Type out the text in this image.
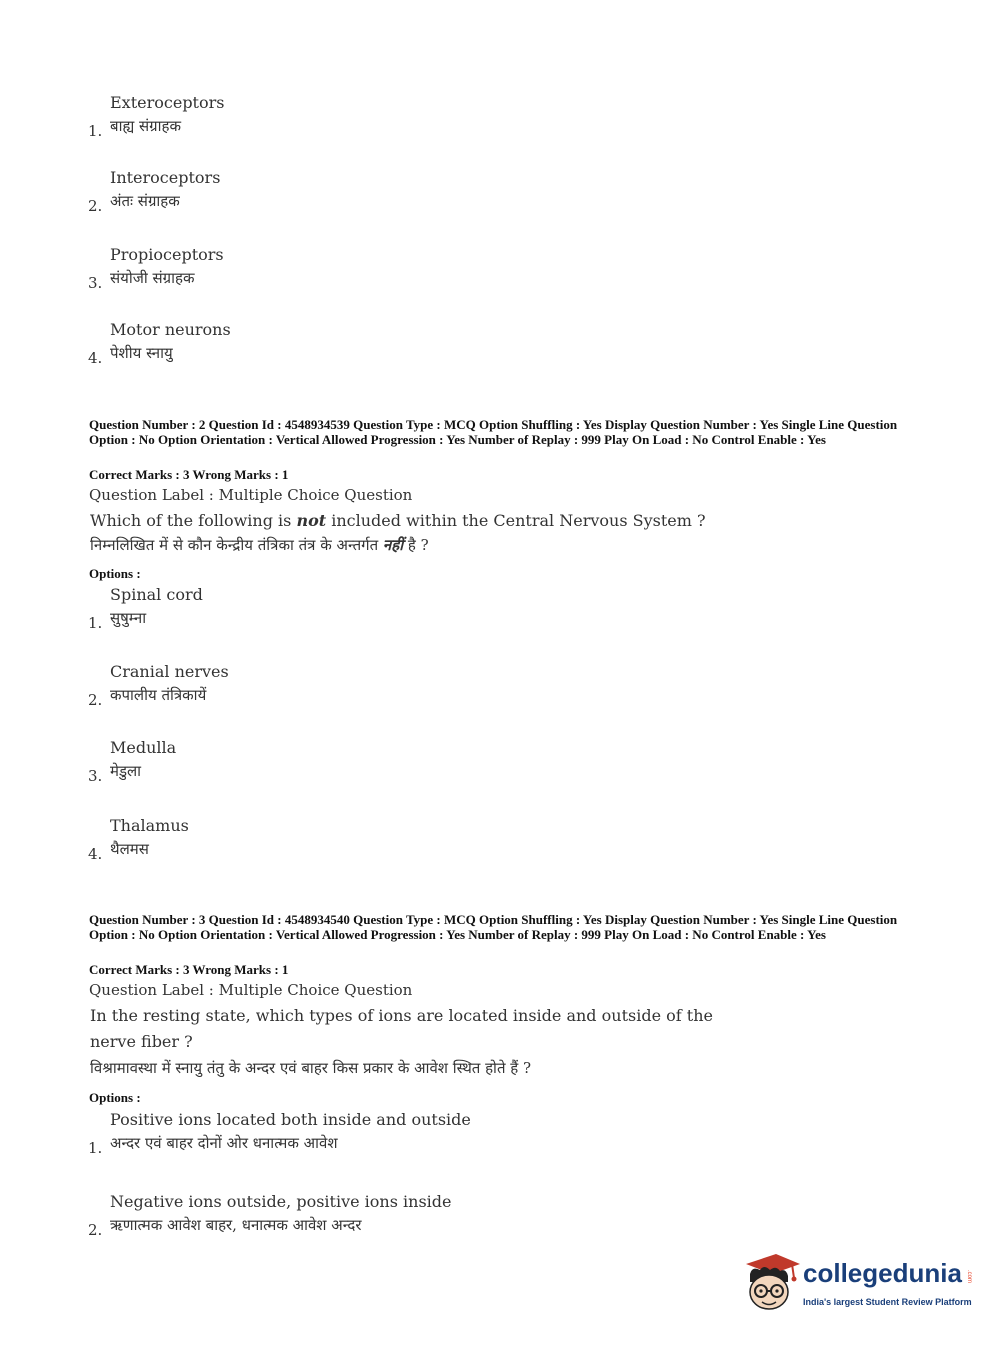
Exteroceptors
बाह्य संग्राहक
1.
Interoceptors
अंतः संग्राहक
2.
Propioceptors
संयोजी संग्राहक
3.
Motor neurons
पेशीय स्नायु
4.
Question Number : 2 Question Id : 4548934539 Question Type : MCQ Option Shuffling : Yes Display Question Number : Yes Single Line Question Option : No Option Orientation : Vertical Allowed Progression : Yes Number of Replay : 999 Play On Load : No Control Enable : Yes
Correct Marks : 3 Wrong Marks : 1
Question Label : Multiple Choice Question
Which of the following is not included within the Central Nervous System ?
निम्नलिखित में से कौन केन्द्रीय तंत्रिका तंत्र के अन्तर्गत नहीं है ?
Options :
Spinal cord
सुषुम्ना
1.
Cranial nerves
कपालीय तंत्रिकायें
2.
Medulla
मेडुला
3.
Thalamus
थैलमस
4.
Question Number : 3 Question Id : 4548934540 Question Type : MCQ Option Shuffling : Yes Display Question Number : Yes Single Line Question Option : No Option Orientation : Vertical Allowed Progression : Yes Number of Replay : 999 Play On Load : No Control Enable : Yes
Correct Marks : 3 Wrong Marks : 1
Question Label : Multiple Choice Question
In the resting state, which types of ions are located inside and outside of the
nerve fiber ?
विश्रामावस्था में स्नायु तंतु के अन्दर एवं बाहर किस प्रकार के आवेश स्थित होते हैं ?
Options :
Positive ions located both inside and outside
अन्दर एवं बाहर दोनों ओर धनात्मक आवेश
1.
Negative ions outside, positive ions inside
ऋणात्मक आवेश बाहर, धनात्मक आवेश अन्दर
2.
collegedunia .com
India's largest Student Review Platform
